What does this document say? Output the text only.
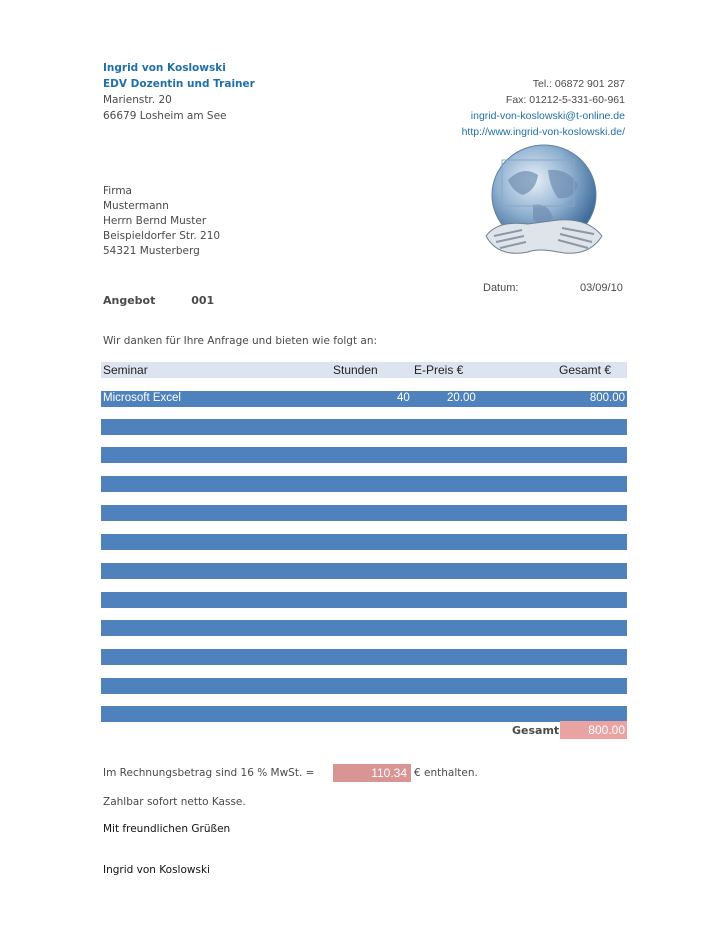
Ingrid von Koslowski
EDV Dozentin und Trainer
Marienstr. 20
66679 Losheim am See
Tel.: 06872 901 287
Fax: 01212-5-331-60-961
ingrid-von-koslowski@t-online.de
http://www.ingrid-von-koslowski.de/
Firma
Mustermann
Herrn Bernd Muster
Beispieldorfer Str. 210
54321 Musterberg
Datum:	03/09/10
Angebot	001
Wir danken für Ihre Anfrage und bieten wie folgt an:
Seminar	Stunden	E-Preis €	Gesamt €
Microsoft Excel	40	20.00	800.00
Gesamt	800.00
Im Rechnungsbetrag sind 16 % MwSt. =	110.34 € enthalten.
Zahlbar sofort netto Kasse.
Mit freundlichen Grüßen
Ingrid von Koslowski
